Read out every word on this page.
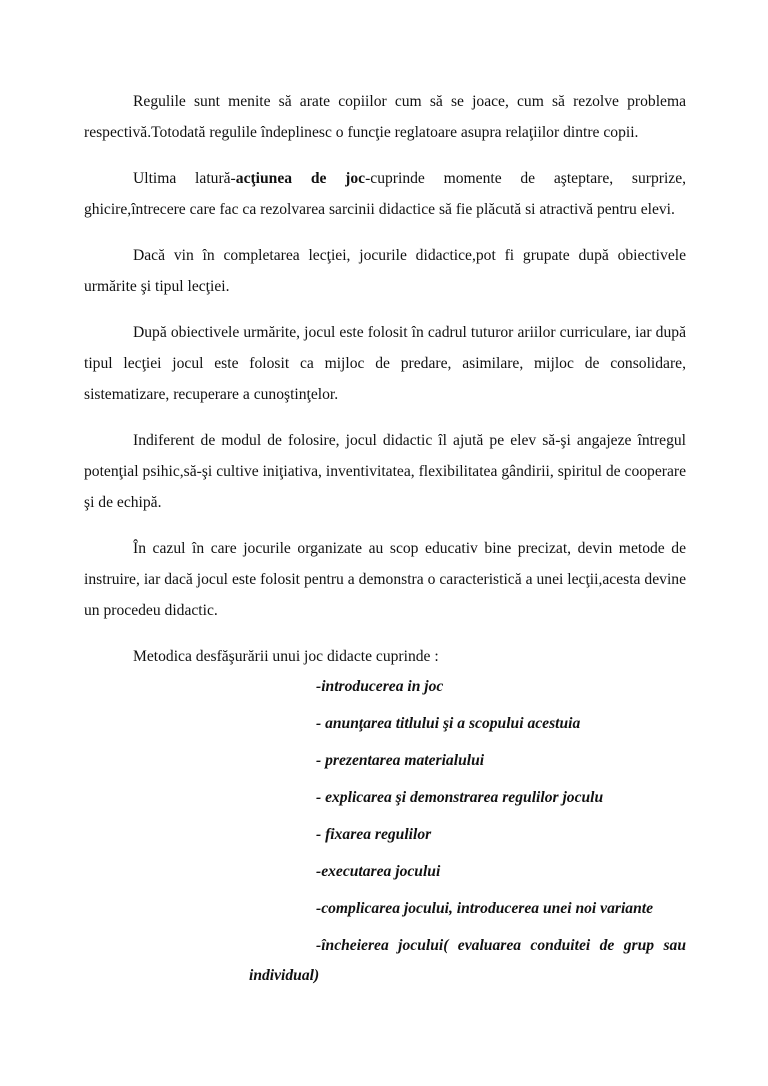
Regulile sunt menite să arate copiilor cum să se joace, cum să rezolve problema respectivă.Totodată regulile îndeplinesc o funcţie reglatoare asupra relaţiilor dintre copii.

Ultima latură-acţiunea de joc-cuprinde momente de aşteptare, surprize, ghicire,întrecere care fac ca rezolvarea sarcinii didactice să fie plăcută si atractivă pentru elevi.

Dacă vin în completarea lecţiei, jocurile didactice,pot fi grupate după obiectivele urmărite şi tipul lecţiei.

După obiectivele urmărite, jocul este folosit în cadrul tuturor ariilor curriculare, iar după tipul lecţiei jocul este folosit ca mijloc de predare, asimilare, mijloc de consolidare, sistematizare, recuperare a cunoştinţelor.

Indiferent de modul de folosire, jocul didactic îl ajută pe elev să-şi angajeze întregul potenţial psihic,să-şi cultive iniţiativa, inventivitatea, flexibilitatea gândirii, spiritul de cooperare şi de echipă.

În cazul în care jocurile organizate au scop educativ bine precizat, devin metode de instruire, iar dacă jocul este folosit pentru a demonstra o caracteristică a unei lecţii,acesta devine un procedeu didactic.

Metodica desfăşurării unui joc didacte cuprinde :

-introducerea in joc
- anunţarea titlului şi a scopului acestuia
- prezentarea materialului
- explicarea şi demonstrarea regulilor joculu
- fixarea regulilor
-executarea jocului
-complicarea jocului, introducerea unei noi variante
-încheierea jocului( evaluarea conduitei de grup sau individual)
